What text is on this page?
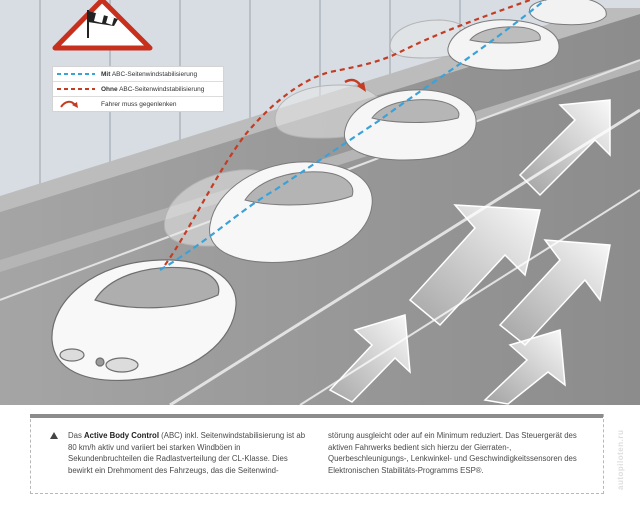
Mit ABC-Seitenwindstabilisierung
Ohne ABC-Seitenwindstabilisierung
Fahrer muss gegenlenken
Das Active Body Control (ABC) inkl. Seitenwindstabilisierung ist ab 80 km/h aktiv und variiert bei starken Windböen in Sekundenbruchteilen die Radlastverteilung der CL-Klasse. Dies bewirkt ein Drehmoment des Fahrzeugs, das die Seitenwind-
störung ausgleicht oder auf ein Minimum reduziert. Das Steuergerät des aktiven Fahrwerks bedient sich hierzu der Gierraten-, Querbeschleunigungs-, Lenkwinkel- und Geschwindigkeitssensoren des Elektronischen Stabilitäts-Programms ESP®.	autopiloten.ru
